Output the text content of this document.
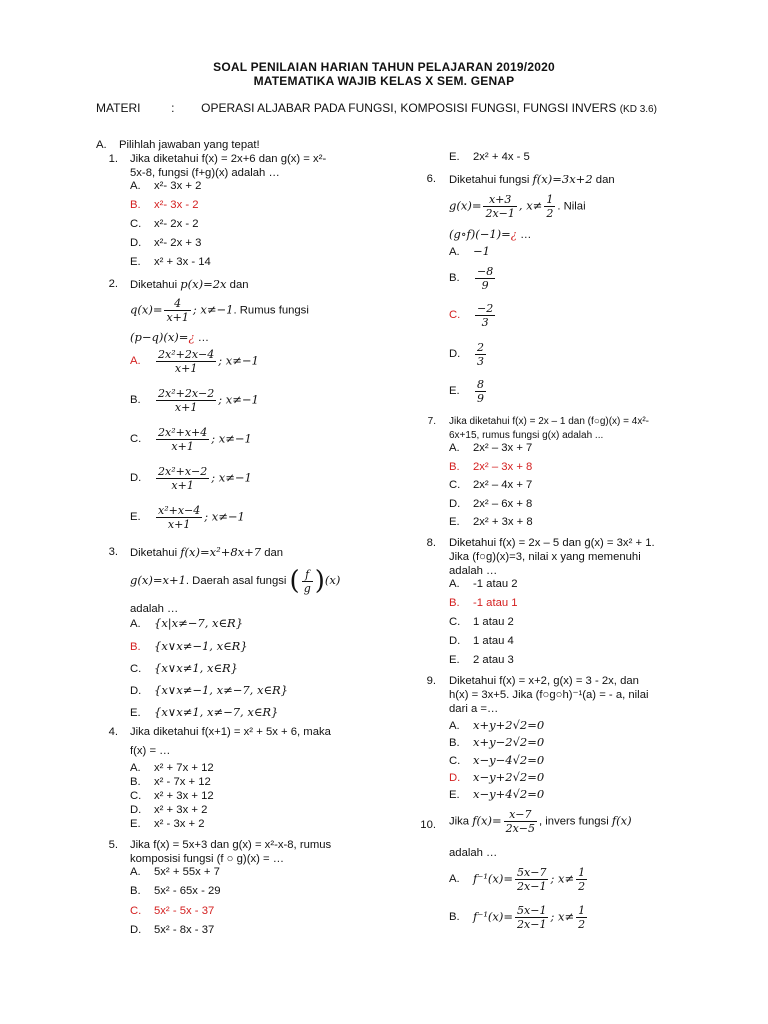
SOAL PENILAIAN HARIAN TAHUN PELAJARAN 2019/2020
MATEMATIKA WAJIB KELAS X SEM. GENAP
MATERI	: OPERASI ALJABAR PADA FUNGSI, KOMPOSISI FUNGSI, FUNGSI INVERS (KD 3.6)
A. Pilihlah jawaban yang tepat!
1. Jika diketahui f(x) = 2x+6 dan g(x) = x²-
5x-8, fungsi (f+g)(x) adalah …
A. x²- 3x + 2
B. x²- 3x - 2
C. x²- 2x - 2
D. x²- 2x + 3
E. x² + 3x - 14
2. Diketahui p(x)=2x dan
$q(x)= \frac{4}{x+1}$ ; x≠−1. Rumus fungsi
(p−q)(x)=¿ …
A. $\frac{\text{2x²+2x−4}}{x+1}$ ; x≠−1
B. $\frac{\text{2x²+2x−2}}{x+1}$ ; x≠−1
C. $\frac{\text{2x²+x+4}}{x+1}$ ; x≠−1
D. $\frac{\text{2x²+x−2}}{x+1}$ ; x≠−1
E. $\frac{\text{x²+x−4}}{x+1}$ ; x≠−1
3. Diketahui f(x)=x²+8x+7 dan
g(x)=x+1. Daerah asal fungsi ( $\frac{f}{g} )(x)$
adalah …
A. {x|x≠−7, x∈R}
B. {x∨x≠−1, x∈R}
C. {x∨x≠1, x∈R}
D. {x∨x≠−1, x≠−7, x∈R}
E. {x∨x≠1, x≠−7, x∈R}
4. Jika diketahui f(x+1) = x² + 5x + 6, maka
f(x) = …
A. x² + 7x + 12
B. x² - 7x + 12
C. x² + 3x + 12
D. x² + 3x + 2
E. x² - 3x + 2
5. Jika f(x) = 5x+3 dan g(x) = x²-x-8, rumus
komposisi fungsi (f ○ g)(x) = …
A. 5x² + 55x + 7
B. 5x² - 65x - 29
C. 5x² - 5x - 37
D. 5x² - 8x - 37
E. 2x² + 4x - 5
6. Diketahui fungsi f(x)=3x+2 dan
$g(x)= \frac{x+3}{2x-1}$ , $x\ne \frac{1}{2}$ . Nilai
(g∘f)(−1)=¿ …
A. −1
B. $\frac{-8}{9}$
C. $\frac{-2}{3}$
D. $\frac{2}{3}$
E. $\frac{8}{9}$
7. Jika diketahui f(x) = 2x – 1 dan (f○g)(x) = 4x²-
6x+15, rumus fungsi g(x) adalah ...
A. 2x² – 3x + 7
B. 2x² – 3x + 8
C. 2x² – 4x + 7
D. 2x² – 6x + 8
E. 2x² + 3x + 8
8. Diketahui f(x) = 2x – 5 dan g(x) = 3x² + 1.
Jika (f○g)(x)=3, nilai x yang memenuhi
adalah …
A. -1 atau 2
B. -1 atau 1
C. 1 atau 2
D. 1 atau 4
E. 2 atau 3
9. Diketahui f(x) = x+2, g(x) = 3 - 2x, dan
h(x) = 3x+5. Jika (f○g○h)⁻¹(a) = - a, nilai
dari a =…
A. x+y+2√2=0
B. x+y−2√2=0
C. x−y−4√2=0
D. x−y+2√2=0
E. x−y+4√2=0
10. Jika $f(x)= \frac{x-7}{2x-5}$ , invers fungsi f(x)
adalah …
A. $f^{-1}(x)= \frac{5x-7}{2x-1}$ ; $x\ne \frac{1}{2}$
B. $f^{-1}(x)= \frac{5x-1}{2x-1}$ ; $x\ne \frac{1}{2}$
